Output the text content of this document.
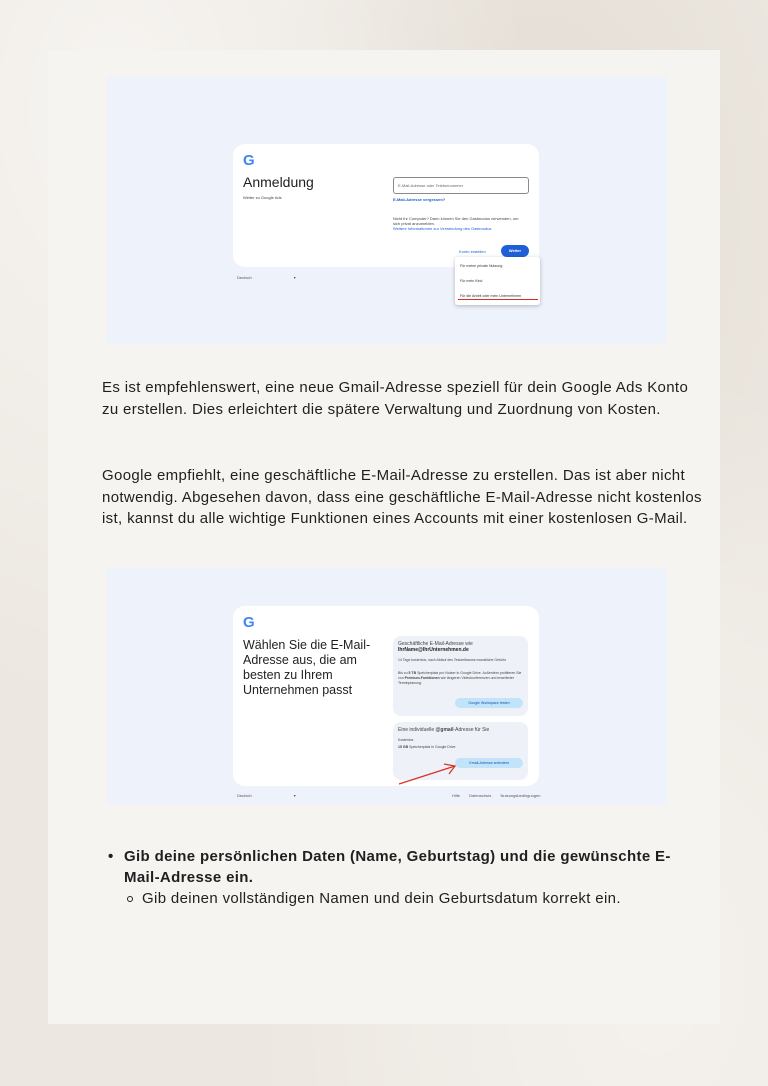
G
Anmeldung
Weiter zu Google Ads
E-Mail-Adresse oder Telefonnummer
E-Mail-Adresse vergessen?
Nicht Ihr Computer? Dann können Sie den Gastmodus verwenden, um
sich privat anzumelden.
Weitere Informationen zur Verwendung des Gastmodus
Konto erstellen	Weiter
Deutsch	▾
Für meine private Nutzung
Für mein Kind
Für die Arbeit oder mein Unternehmen

Es ist empfehlenswert, eine neue Gmail-Adresse speziell für dein Google Ads Konto zu erstellen. Dies erleichtert die spätere Verwaltung und Zuordnung von Kosten.

Google empfiehlt, eine geschäftliche E-Mail-Adresse zu erstellen. Das ist aber nicht notwendig. Abgesehen davon, dass eine geschäftliche E-Mail-Adresse nicht kostenlos ist, kannst du alle wichtige Funktionen eines Accounts mit einer kostenlosen G-Mail.

G
Wählen Sie die E-Mail-Adresse aus, die am besten zu Ihrem Unternehmen passt
Geschäftliche E-Mail-Adresse wie
IhrName@IhrUnternehmen.de
14 Tage kostenlos, nach Ablauf des Testzeitraums monatliche Gebühr
Bis zu 5 TB Speicherplatz pro Nutzer in Google Drive. Außerdem profitieren Sie von Premium-Funktionen wie längeren Videokonferenzen und erweiterter Terminplanung.
Google Workspace testen
Eine individuelle @gmail-Adresse für Sie
Kostenlos
15 GB Speicherplatz in Google Drive
Gmail-Adresse anfordern
Deutsch	▾	Hilfe Datenschutz Nutzungsbedingungen
• Gib deine persönlichen Daten (Name, Geburtstag) und die gewünschte E-Mail-Adresse ein.
Gib deinen vollständigen Namen und dein Geburtsdatum korrekt ein.
